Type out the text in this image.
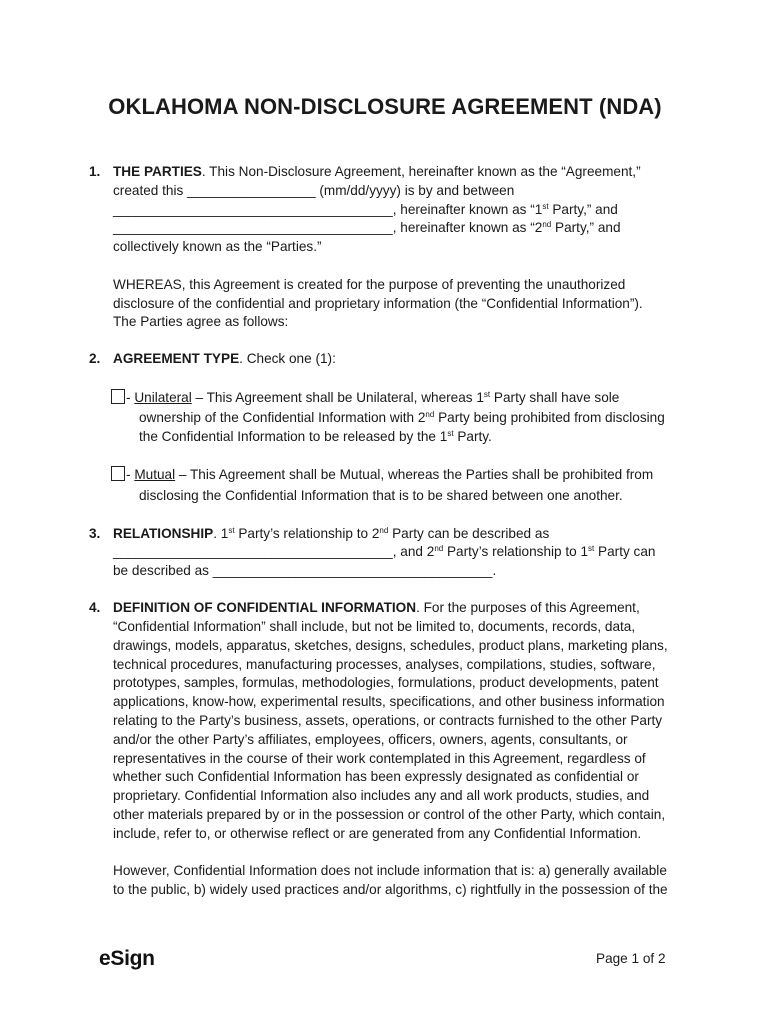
OKLAHOMA NON-DISCLOSURE AGREEMENT (NDA)
1. THE PARTIES. This Non-Disclosure Agreement, hereinafter known as the “Agreement,”
created this _________________ (mm/dd/yyyy) is by and between
_____________________________________, hereinafter known as “1st Party,” and
_____________________________________, hereinafter known as “2nd Party,” and
collectively known as the “Parties.”
WHEREAS, this Agreement is created for the purpose of preventing the unauthorized
disclosure of the confidential and proprietary information (the “Confidential Information”).
The Parties agree as follows:
2. AGREEMENT TYPE. Check one (1):
- Unilateral – This Agreement shall be Unilateral, whereas 1st Party shall have sole
ownership of the Confidential Information with 2nd Party being prohibited from disclosing
the Confidential Information to be released by the 1st Party.
- Mutual – This Agreement shall be Mutual, whereas the Parties shall be prohibited from
disclosing the Confidential Information that is to be shared between one another.
3. RELATIONSHIP. 1st Party’s relationship to 2nd Party can be described as
_____________________________________, and 2nd Party’s relationship to 1st Party can
be described as _____________________________________.
4. DEFINITION OF CONFIDENTIAL INFORMATION. For the purposes of this Agreement,
“Confidential Information” shall include, but not be limited to, documents, records, data,
drawings, models, apparatus, sketches, designs, schedules, product plans, marketing plans,
technical procedures, manufacturing processes, analyses, compilations, studies, software,
prototypes, samples, formulas, methodologies, formulations, product developments, patent
applications, know-how, experimental results, specifications, and other business information
relating to the Party’s business, assets, operations, or contracts furnished to the other Party
and/or the other Party’s affiliates, employees, officers, owners, agents, consultants, or
representatives in the course of their work contemplated in this Agreement, regardless of
whether such Confidential Information has been expressly designated as confidential or
proprietary. Confidential Information also includes any and all work products, studies, and
other materials prepared by or in the possession or control of the other Party, which contain,
include, refer to, or otherwise reflect or are generated from any Confidential Information.
However, Confidential Information does not include information that is: a) generally available
to the public, b) widely used practices and/or algorithms, c) rightfully in the possession of the
eSign	Page 1 of 2
